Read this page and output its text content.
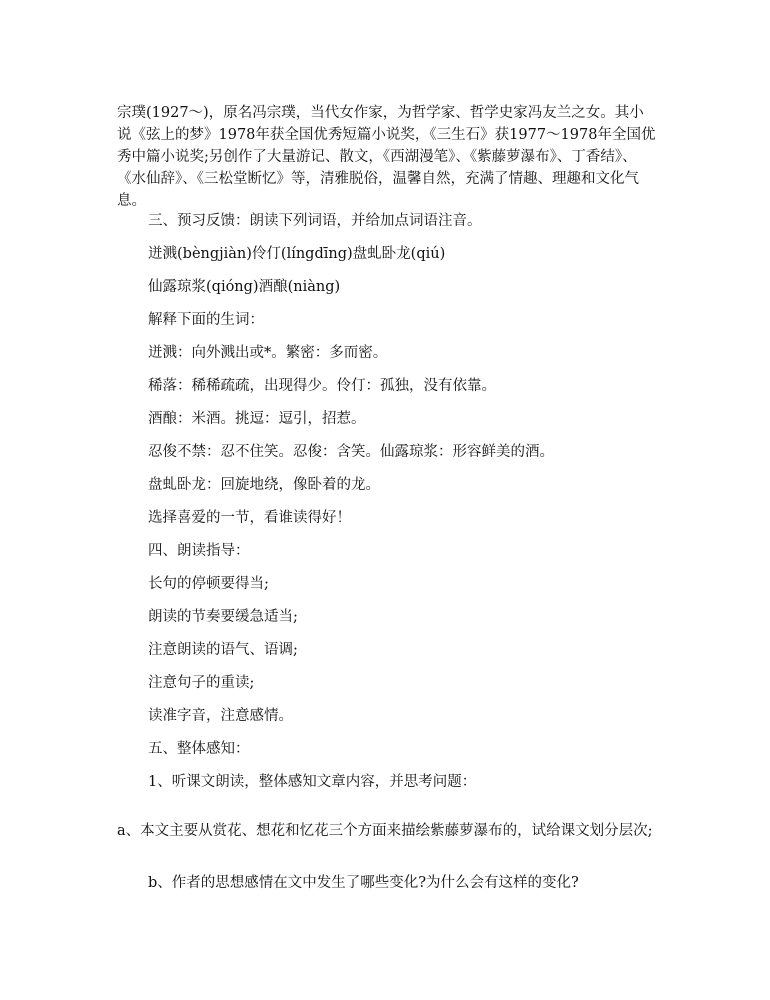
宗璞(1927～)，原名冯宗璞，当代女作家，为哲学家、哲学史家冯友兰之女。其小说《弦上的梦》1978年获全国优秀短篇小说奖，《三生石》获1977～1978年全国优秀中篇小说奖;另创作了大量游记、散文，《西湖漫笔》、《紫藤萝瀑布》、丁香结》、《水仙辞》、《三松堂断忆》等，清雅脱俗，温馨自然，充满了情趣、理趣和文化气息。

三、预习反馈：朗读下列词语，并给加点词语注音。

迸溅(bèngjiàn)伶仃(língdīng)盘虬卧龙(qiú)

仙露琼浆(qióng)酒酿(niàng)

解释下面的生词：

迸溅：向外溅出或*。繁密：多而密。

稀落：稀稀疏疏，出现得少。伶仃：孤独，没有依靠。

酒酿：米酒。挑逗：逗引，招惹。

忍俊不禁：忍不住笑。忍俊：含笑。仙露琼浆：形容鲜美的酒。

盘虬卧龙：回旋地绕，像卧着的龙。

选择喜爱的一节，看谁读得好！

四、朗读指导：

长句的停顿要得当;

朗读的节奏要缓急适当;

注意朗读的语气、语调;

注意句子的重读;

读准字音，注意感情。

五、整体感知：

1、听课文朗读，整体感知文章内容，并思考问题：

a、本文主要从赏花、想花和忆花三个方面来描绘紫藤萝瀑布的，试给课文划分层次;

b、作者的思想感情在文中发生了哪些变化?为什么会有这样的变化?
